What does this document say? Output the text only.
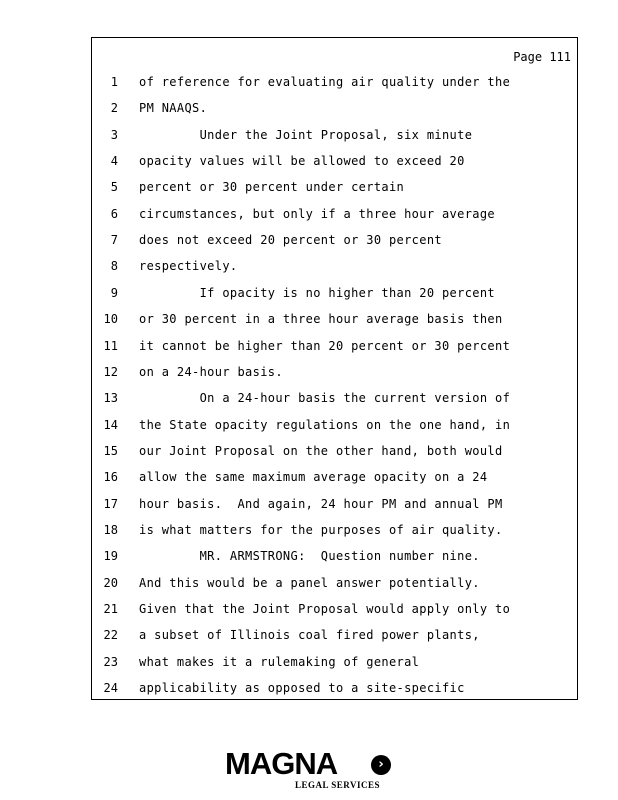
Page 111
1 of reference for evaluating air quality under the
2 PM NAAQS.
3 Under the Joint Proposal, six minute
4 opacity values will be allowed to exceed 20
5 percent or 30 percent under certain
6 circumstances, but only if a three hour average
7 does not exceed 20 percent or 30 percent
8 respectively.
9 If opacity is no higher than 20 percent
10 or 30 percent in a three hour average basis then
11 it cannot be higher than 20 percent or 30 percent
12 on a 24-hour basis.
13 On a 24-hour basis the current version of
14 the State opacity regulations on the one hand, in
15 our Joint Proposal on the other hand, both would
16 allow the same maximum average opacity on a 24
17 hour basis.  And again, 24 hour PM and annual PM
18 is what matters for the purposes of air quality.
19 MR. ARMSTRONG:  Question number nine.
20 And this would be a panel answer potentially.
21 Given that the Joint Proposal would apply only to
22 a subset of Illinois coal fired power plants,
23 what makes it a rulemaking of general
24 applicability as opposed to a site-specific
MAGNA	›
LEGAL SERVICES
